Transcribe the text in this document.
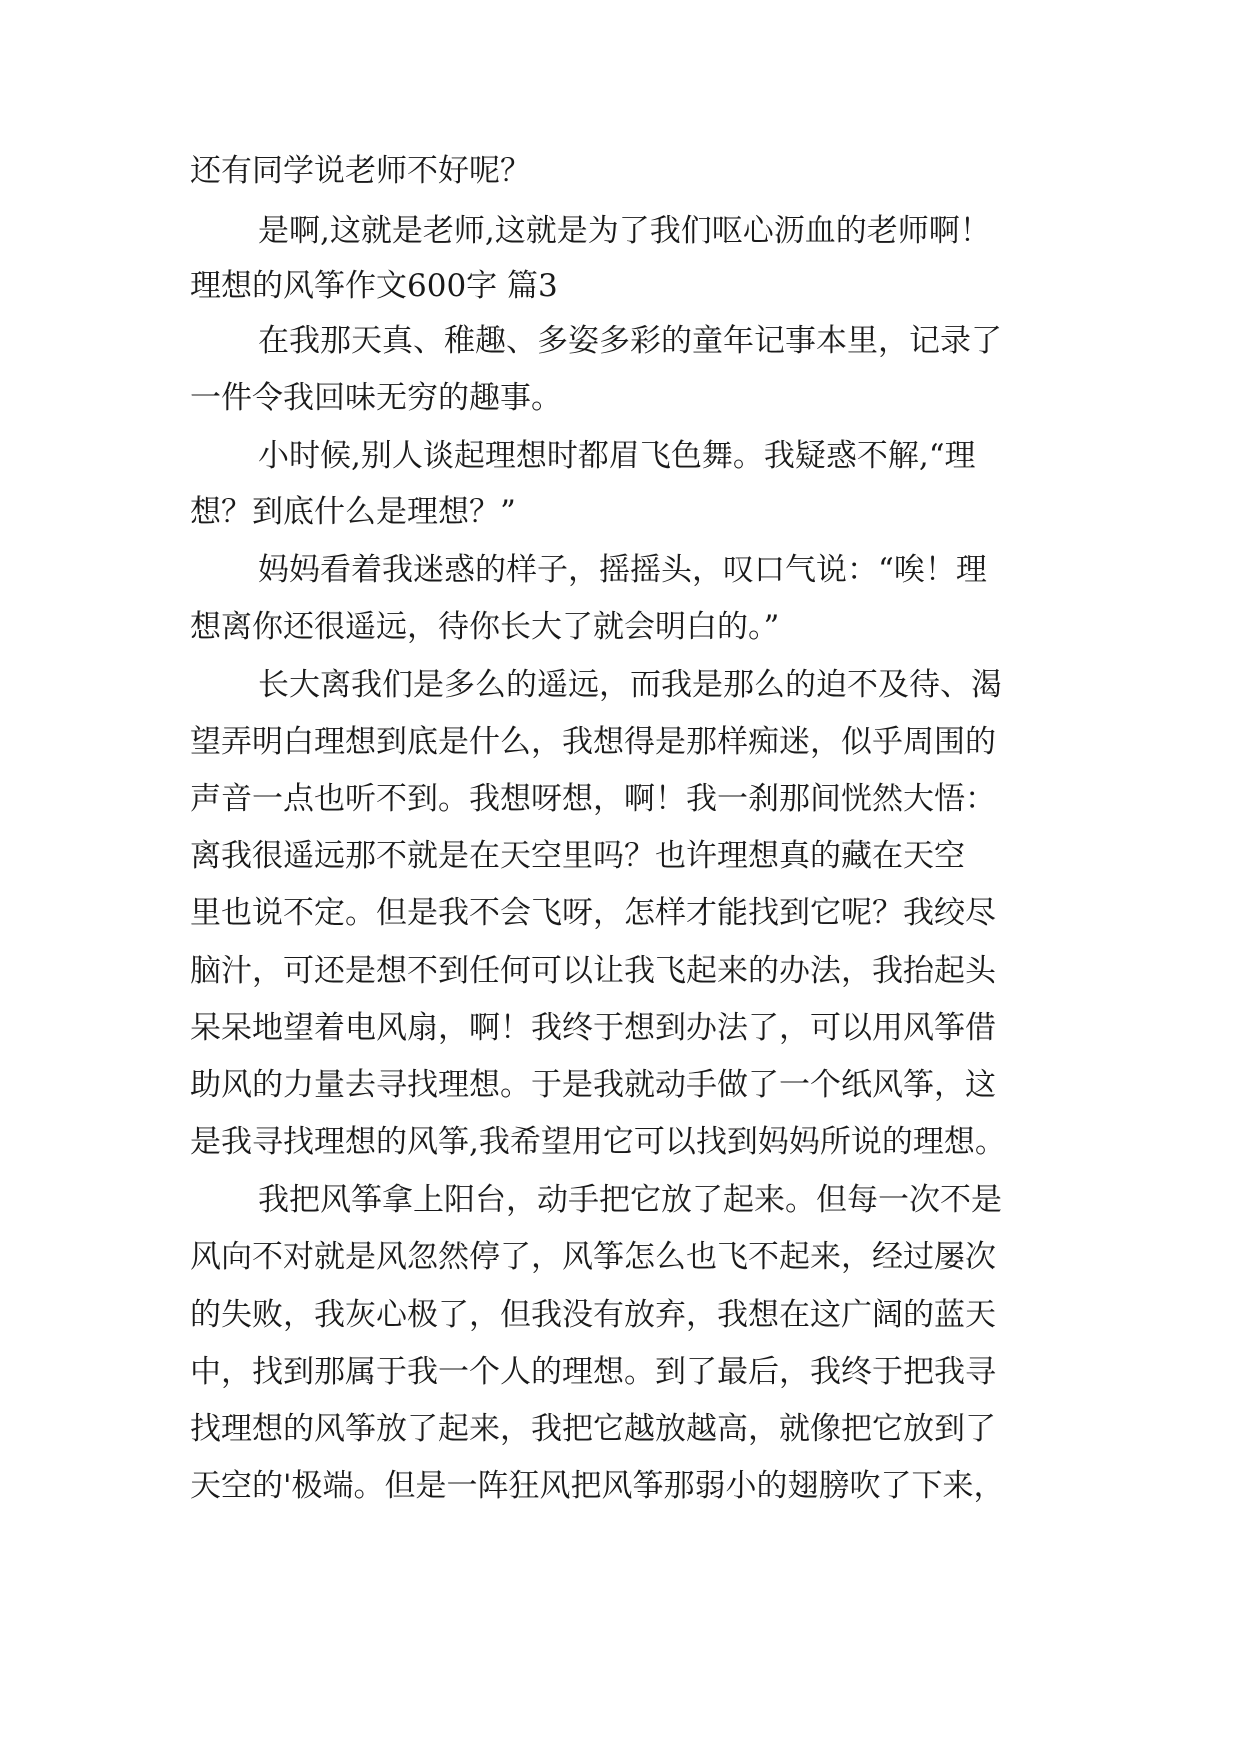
还有同学说老师不好呢？
是啊,这就是老师,这就是为了我们呕心沥血的老师啊！
理想的风筝作文600字 篇3
在我那天真、稚趣、多姿多彩的童年记事本里，记录了
一件令我回味无穷的趣事。
小时候,别人谈起理想时都眉飞色舞。我疑惑不解,“理
想？到底什么是理想？”
妈妈看着我迷惑的样子，摇摇头，叹口气说：“唉！理
想离你还很遥远，待你长大了就会明白的。”
长大离我们是多么的遥远，而我是那么的迫不及待、渴
望弄明白理想到底是什么，我想得是那样痴迷，似乎周围的
声音一点也听不到。我想呀想，啊！我一刹那间恍然大悟：
离我很遥远那不就是在天空里吗？也许理想真的藏在天空
里也说不定。但是我不会飞呀，怎样才能找到它呢？我绞尽
脑汁，可还是想不到任何可以让我飞起来的办法，我抬起头
呆呆地望着电风扇，啊！我终于想到办法了，可以用风筝借
助风的力量去寻找理想。于是我就动手做了一个纸风筝，这
是我寻找理想的风筝,我希望用它可以找到妈妈所说的理想。
我把风筝拿上阳台，动手把它放了起来。但每一次不是
风向不对就是风忽然停了，风筝怎么也飞不起来，经过屡次
的失败，我灰心极了，但我没有放弃，我想在这广阔的蓝天
中，找到那属于我一个人的理想。到了最后，我终于把我寻
找理想的风筝放了起来，我把它越放越高，就像把它放到了
天空的'极端。但是一阵狂风把风筝那弱小的翅膀吹了下来，
